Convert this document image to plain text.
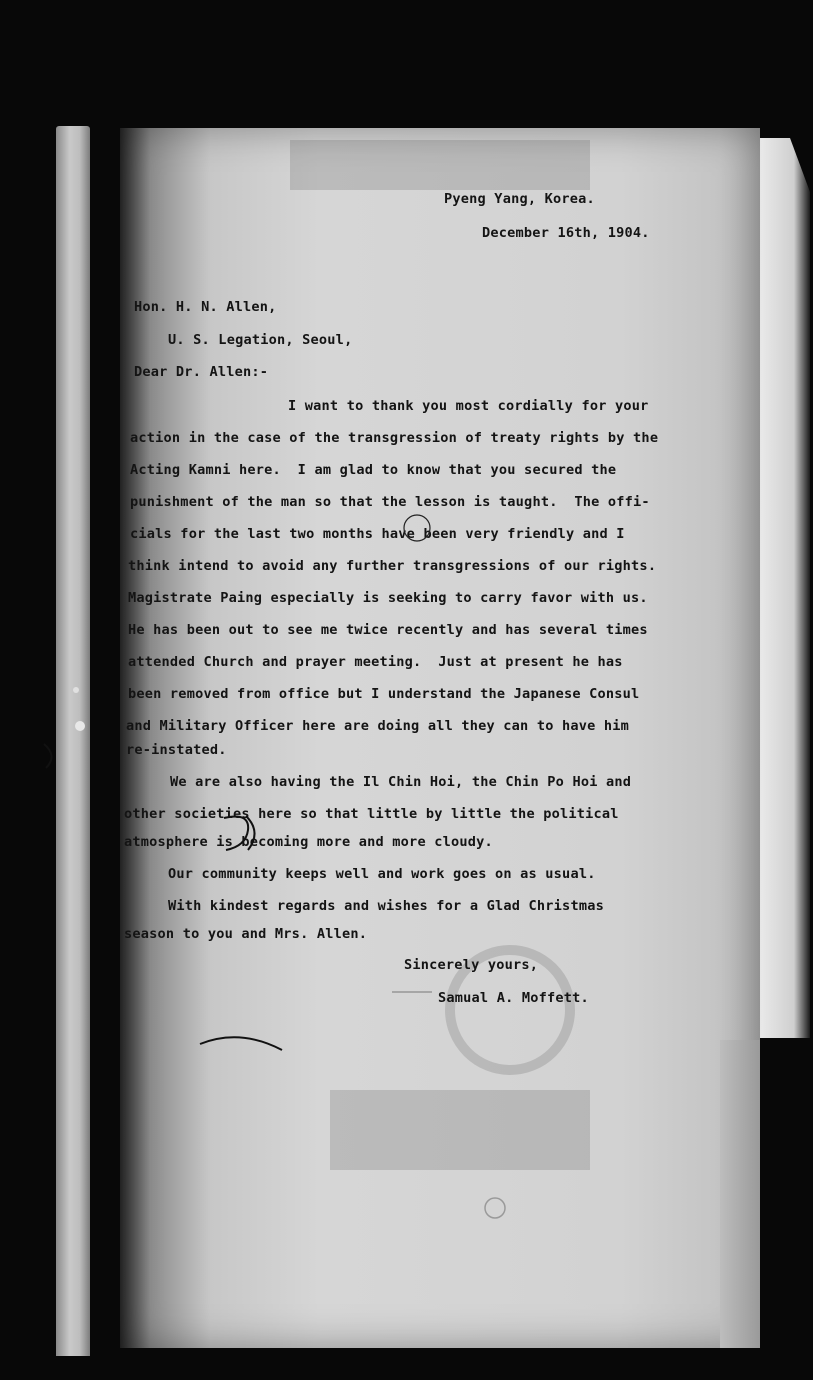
Pyeng Yang, Korea.
December 16th, 1904.
Hon. H. N. Allen,
U. S. Legation, Seoul,
Dear Dr. Allen:-
I want to thank you most cordially for your
action in the case of the transgression of treaty rights by the
Acting Kamni here.  I am glad to know that you secured the
punishment of the man so that the lesson is taught.  The offi-
cials for the last two months have been very friendly and I
think intend to avoid any further transgressions of our rights.
Magistrate Paing especially is seeking to carry favor with us.
He has been out to see me twice recently and has several times
attended Church and prayer meeting.  Just at present he has
been removed from office but I understand the Japanese Consul
and Military Officer here are doing all they can to have him
re-instated.
We are also having the Il Chin Hoi, the Chin Po Hoi and
other societies here so that little by little the political
atmosphere is becoming more and more cloudy.
Our community keeps well and work goes on as usual.
With kindest regards and wishes for a Glad Christmas
season to you and Mrs. Allen.
Sincerely yours,
Samual A. Moffett.
